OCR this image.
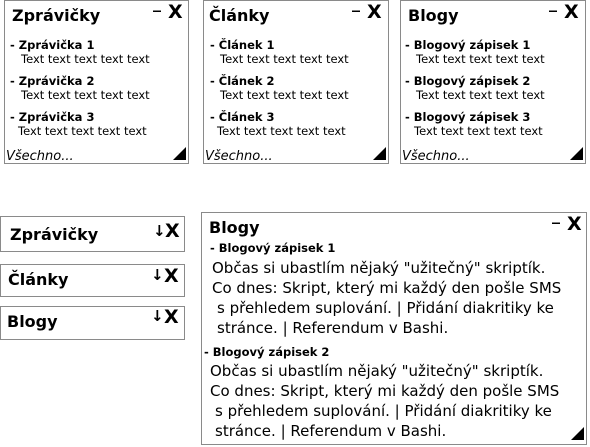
Zprávičky
_ X
- Zprávička 1
Text text text text text
- Zprávička 2
Text text text text text
- Zprávička 3
Text text text text text
Všechno...
Články
_ X
- Článek 1
Text text text text text
- Článek 2
Text text text text text
- Článek 3
Text text text text text
Všechno...
Blogy
_ X
- Blogový zápisek 1
Text text text text text
- Blogový zápisek 2
Text text text text text
- Blogový zápisek 3
Text text text text text
Všechno...
Zprávičky	↓ X
Články	↓ X
Blogy	↓ X
Blogy
_ X
- Blogový zápisek 1
Občas si ubastlím nějaký "užitečný" skriptík.
Co dnes: Skript, který mi každý den pošle SMS
s přehledem suplování. | Přidání diakritiky ke
stránce. | Referendum v Bashi.
- Blogový zápisek 2
Občas si ubastlím nějaký "užitečný" skriptík.
Co dnes: Skript, který mi každý den pošle SMS
s přehledem suplování. | Přidání diakritiky ke
stránce. | Referendum v Bashi.
